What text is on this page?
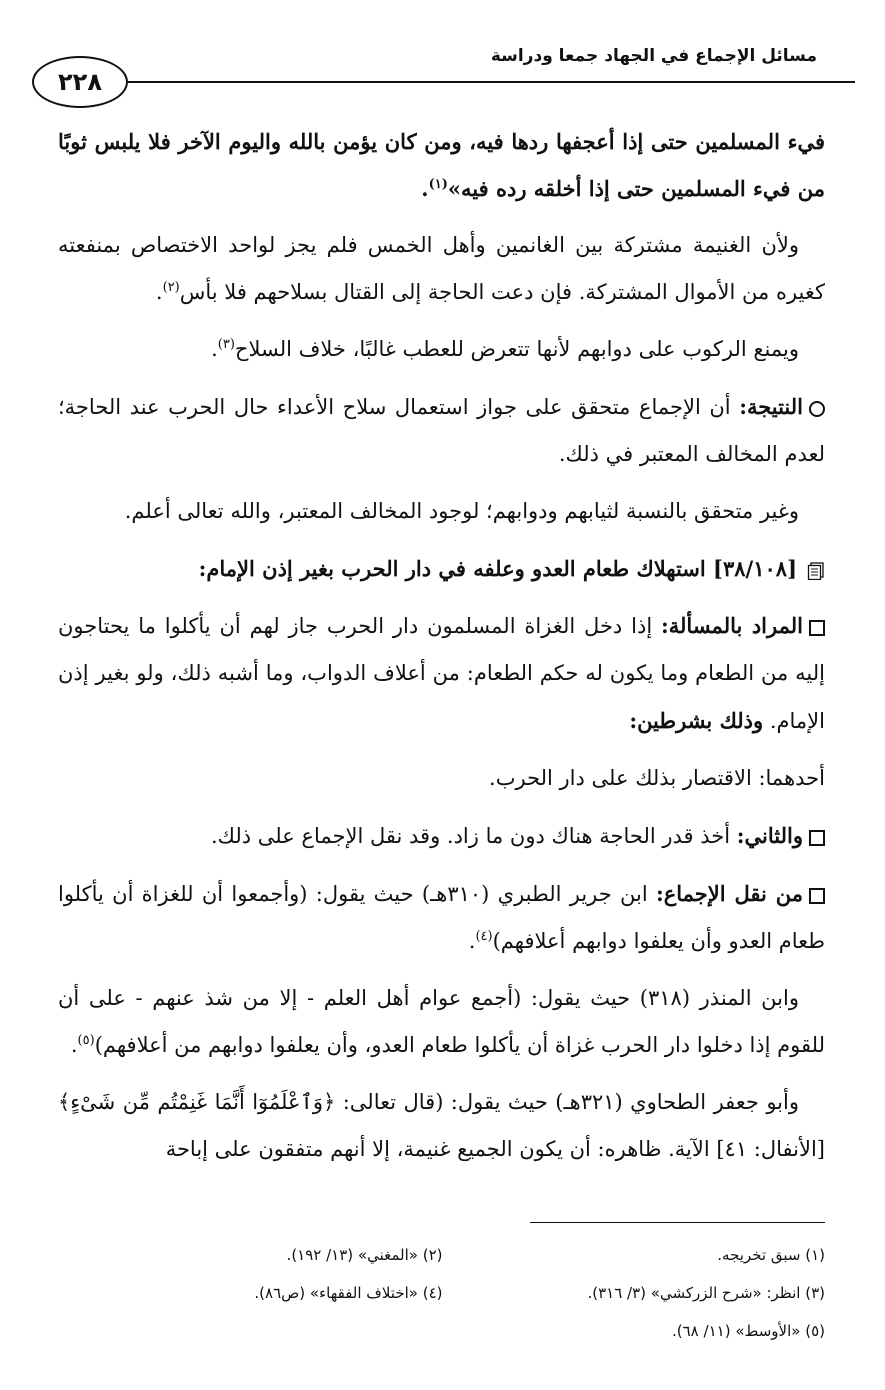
مسائل الإجماع في الجهاد جمعا ودراسة
٢٢٨

فيء المسلمين حتى إذا أعجفها ردها فيه، ومن كان يؤمن بالله واليوم الآخر فلا يلبس ثوبًا من فيء المسلمين حتى إذا أخلقه رده فيه»$^{(١)}$.

ولأن الغنيمة مشتركة بين الغانمين وأهل الخمس فلم يجز لواحد الاختصاص بمنفعته كغيره من الأموال المشتركة. فإن دعت الحاجة إلى القتال بسلاحهم فلا بأس$^{(٢)}$.

ويمنع الركوب على دوابهم لأنها تتعرض للعطب غالبًا، خلاف السلاح$^{(٣)}$.

النتيجة: أن الإجماع متحقق على جواز استعمال سلاح الأعداء حال الحرب عند الحاجة؛ لعدم المخالف المعتبر في ذلك.

وغير متحقق بالنسبة لثيابهم ودوابهم؛ لوجود المخالف المعتبر، والله تعالى أعلم.

[٣٨/١٠٨] استهلاك طعام العدو وعلفه في دار الحرب بغير إذن الإمام:

المراد بالمسألة: إذا دخل الغزاة المسلمون دار الحرب جاز لهم أن يأكلوا ما يحتاجون إليه من الطعام وما يكون له حكم الطعام: من أعلاف الدواب، وما أشبه ذلك، ولو بغير إذن الإمام. وذلك بشرطين:

أحدهما: الاقتصار بذلك على دار الحرب.

والثاني: أخذ قدر الحاجة هناك دون ما زاد. وقد نقل الإجماع على ذلك.

من نقل الإجماع: ابن جرير الطبري (٣١٠هـ) حيث يقول: (وأجمعوا أن للغزاة أن يأكلوا طعام العدو وأن يعلفوا دوابهم أعلافهم)$^{(٤)}$.

وابن المنذر (٣١٨) حيث يقول: (أجمع عوام أهل العلم - إلا من شذ عنهم - على أن للقوم إذا دخلوا دار الحرب غزاة أن يأكلوا طعام العدو، وأن يعلفوا دوابهم من أعلافهم)$^{(٥)}$.

وأبو جعفر الطحاوي (٣٢١هـ) حيث يقول: (قال تعالى: ﴿وَٱعْلَمُوٓا أَنَّمَا غَنِمْتُم مِّن شَىْءٍ﴾ [الأنفال: ٤١] الآية. ظاهره: أن يكون الجميع غنيمة، إلا أنهم متفقون على إباحة

(١) سبق تخريجه.
(٢) «المغني» (١٣/ ١٩٢).
(٣) انظر: «شرح الزركشي» (٣/ ٣١٦).
(٤) «اختلاف الفقهاء» (ص٨٦).
(٥) «الأوسط» (١١/ ٦٨).
